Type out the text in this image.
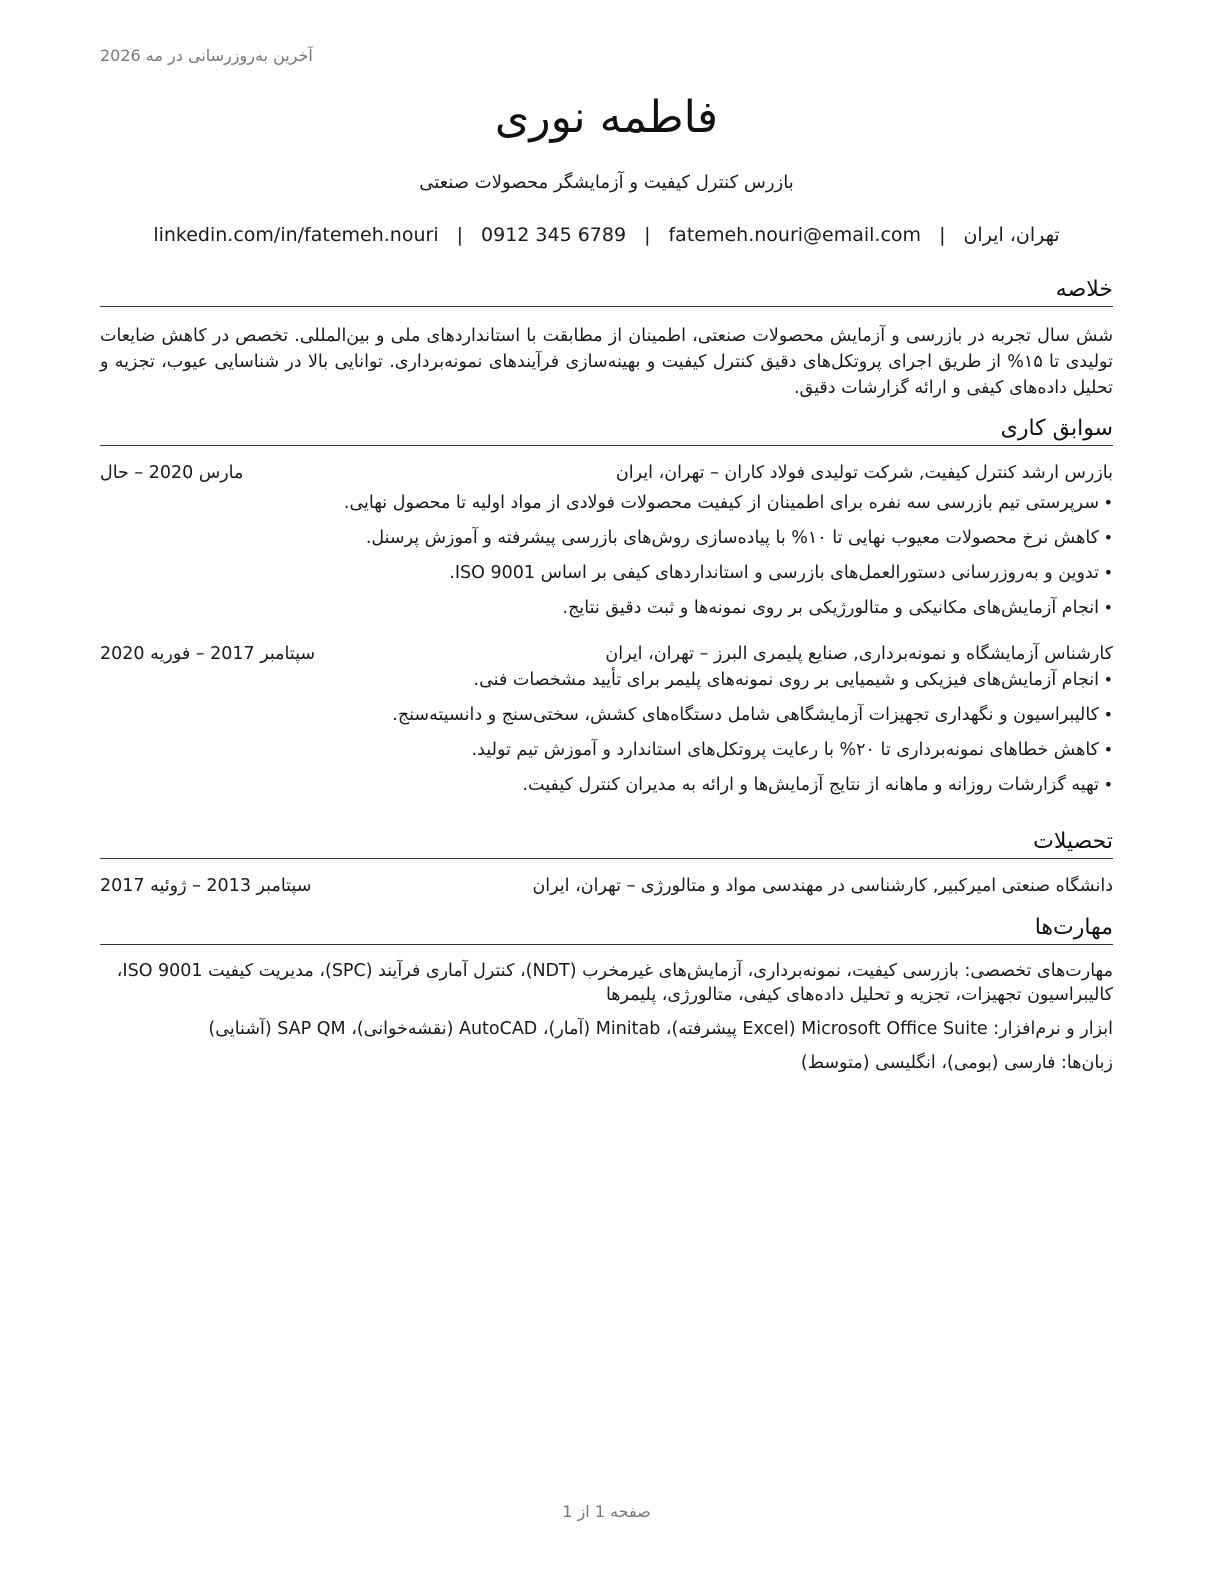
آخرین به‌روزرسانی در مه 2026
فاطمه نوری
بازرس کنترل کیفیت و آزمایشگر محصولات صنعتی
تهران، ایران
|
fatemeh.nouri@email.com
|
0912 345 6789
|
linkedin.com/in/fatemeh.nouri
خلاصه

شش سال تجربه در بازرسی و آزمایش محصولات صنعتی، اطمینان از مطابقت با استانداردهای ملی و بین‌المللی. تخصص در کاهش ضایعات تولیدی تا ۱۵% از طریق اجرای پروتکل‌های دقیق کنترل کیفیت و بهینه‌سازی فرآیندهای نمونه‌برداری. توانایی بالا در شناسایی عیوب، تجزیه و تحلیل داده‌های کیفی و ارائه گزارشات دقیق.

سوابق کاری
بازرس ارشد کنترل کیفیت, شرکت تولیدی فولاد کاران – تهران، ایران
مارس 2020 – حال
•
سرپرستی تیم بازرسی سه نفره برای اطمینان از کیفیت محصولات فولادی از مواد اولیه تا محصول نهایی.
•
کاهش نرخ محصولات معیوب نهایی تا ۱۰% با پیاده‌سازی روش‌های بازرسی پیشرفته و آموزش پرسنل.
•
تدوین و به‌روزرسانی دستورالعمل‌های بازرسی و استانداردهای کیفی بر اساس ISO 9001.
•
انجام آزمایش‌های مکانیکی و متالورژیکی بر روی نمونه‌ها و ثبت دقیق نتایج.
کارشناس آزمایشگاه و نمونه‌برداری, صنایع پلیمری البرز – تهران، ایران
سپتامبر 2017 – فوریه 2020
•
انجام آزمایش‌های فیزیکی و شیمیایی بر روی نمونه‌های پلیمر برای تأیید مشخصات فنی.
•
کالیبراسیون و نگهداری تجهیزات آزمایشگاهی شامل دستگاه‌های کشش، سختی‌سنج و دانسیته‌سنج.
•
کاهش خطاهای نمونه‌برداری تا ۲۰% با رعایت پروتکل‌های استاندارد و آموزش تیم تولید.
•
تهیه گزارشات روزانه و ماهانه از نتایج آزمایش‌ها و ارائه به مدیران کنترل کیفیت.
تحصیلات
دانشگاه صنعتی امیرکبیر, کارشناسی در مهندسی مواد و متالورژی – تهران، ایران
سپتامبر 2013 – ژوئیه 2017
مهارت‌ها

مهارت‌های تخصصی: بازرسی کیفیت، نمونه‌برداری، آزمایش‌های غیرمخرب (NDT)، کنترل آماری فرآیند (SPC)، مدیریت کیفیت ISO 9001، کالیبراسیون تجهیزات، تجزیه و تحلیل داده‌های کیفی، متالورژی، پلیمرها

ابزار و نرم‌افزار: Microsoft Office Suite (Excel پیشرفته)، Minitab (آمار)، AutoCAD (نقشه‌خوانی)، SAP QM (آشنایی)

زبان‌ها: فارسی (بومی)، انگلیسی (متوسط)

صفحه 1 از 1
